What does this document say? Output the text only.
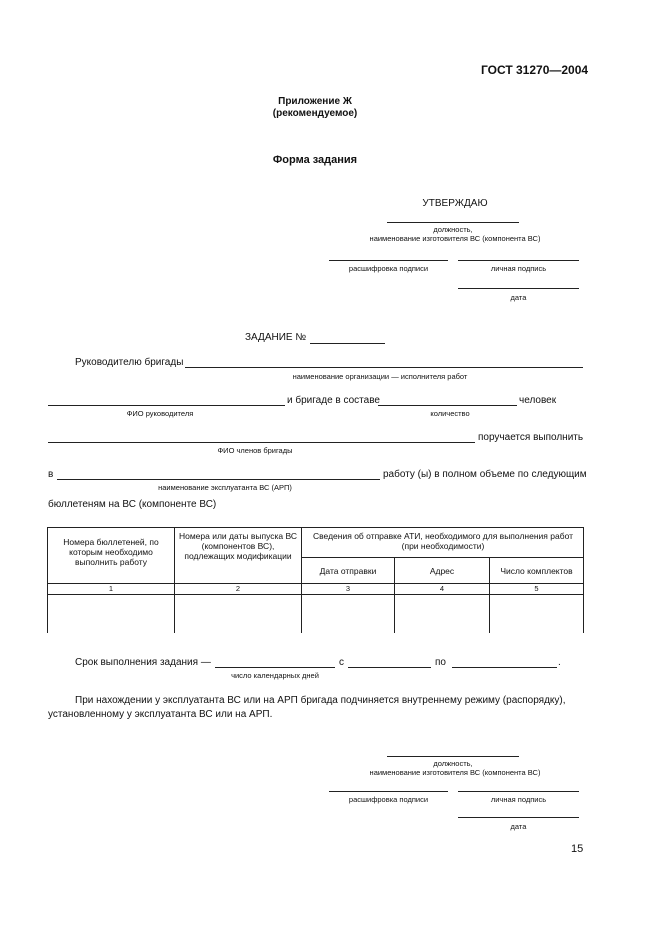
ГОСТ 31270—2004
Приложение Ж
(рекомендуемое)
Форма задания
УТВЕРЖДАЮ
должность,
наименование изготовителя ВС (компонента ВС)
расшифровка подписи	личная подпись
дата
ЗАДАНИЕ №
Руководителю бригады
наименование организации — исполнителя работ
и бригаде в составе	человек
ФИО руководителя	количество
поручается выполнить
ФИО членов бригады
в	работу (ы) в полном объеме по следующим
наименование эксплуатанта ВС (АРП)
бюллетеням на ВС (компоненте ВС)
Номера бюллетеней, по которым необходимо выполнить работу
Номера или даты выпуска ВС (компонентов ВС), подлежащих модификации
Сведения об отправке АТИ, необходимого для выполнения работ (при необходимости)
Дата отправки	Адрес	Число комплектов
1	2	3	4	5
Срок выполнения задания —	с	по	.
число календарных дней
При нахождении у эксплуатанта ВС или на АРП бригада подчиняется внутреннему режиму (распорядку),
установленному у эксплуатанта ВС или на АРП.
должность,
наименование изготовителя ВС (компонента ВС)
расшифровка подписи	личная подпись
дата
15
